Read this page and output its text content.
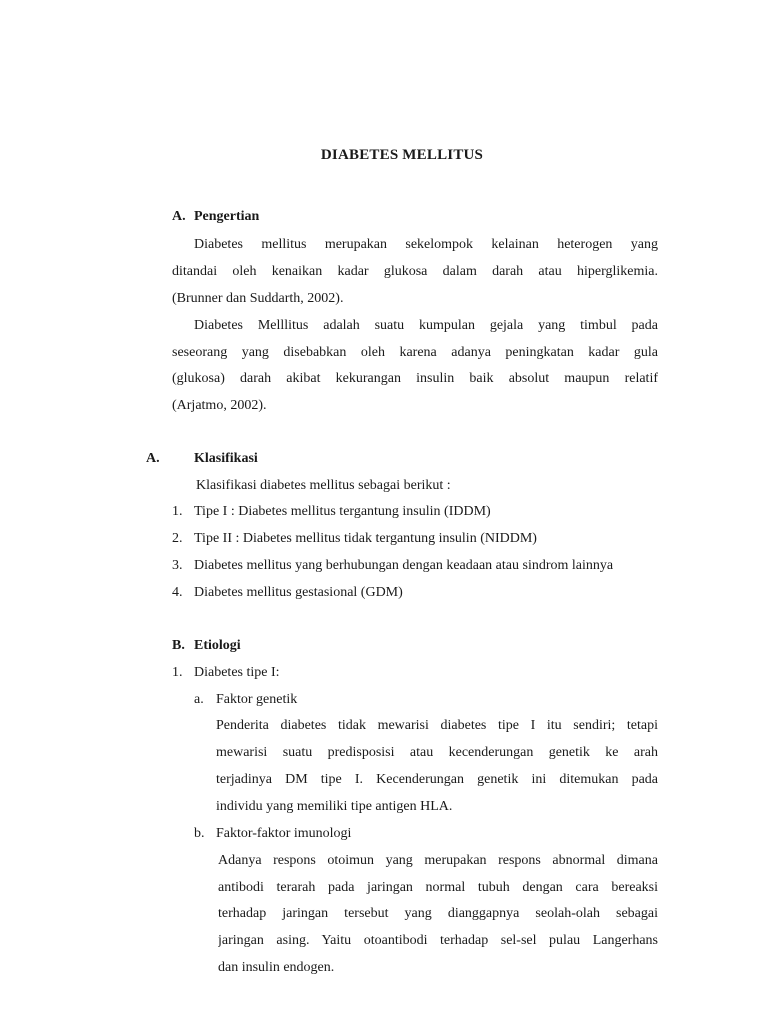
DIABETES MELLITUS
A. Pengertian
Diabetes mellitus merupakan sekelompok kelainan heterogen yang
ditandai oleh kenaikan kadar glukosa dalam darah atau hiperglikemia.
(Brunner dan Suddarth, 2002).
Diabetes Melllitus adalah suatu kumpulan gejala yang timbul pada
seseorang yang disebabkan oleh karena adanya peningkatan kadar gula
(glukosa) darah akibat kekurangan insulin baik absolut maupun relatif
(Arjatmo, 2002).
A. Klasifikasi
Klasifikasi diabetes mellitus sebagai berikut :
1. Tipe I : Diabetes mellitus tergantung insulin (IDDM)
2. Tipe II : Diabetes mellitus tidak tergantung insulin (NIDDM)
3. Diabetes mellitus yang berhubungan dengan keadaan atau sindrom lainnya
4. Diabetes mellitus gestasional (GDM)
B. Etiologi
1. Diabetes tipe I:
a. Faktor genetik
Penderita diabetes tidak mewarisi diabetes tipe I itu sendiri; tetapi
mewarisi suatu predisposisi atau kecenderungan genetik ke arah
terjadinya DM tipe I. Kecenderungan genetik ini ditemukan pada
individu yang memiliki tipe antigen HLA.
b. Faktor-faktor imunologi
Adanya respons otoimun yang merupakan respons abnormal dimana
antibodi terarah pada jaringan normal tubuh dengan cara bereaksi
terhadap jaringan tersebut yang dianggapnya seolah-olah sebagai
jaringan asing. Yaitu otoantibodi terhadap sel-sel pulau Langerhans
dan insulin endogen.
